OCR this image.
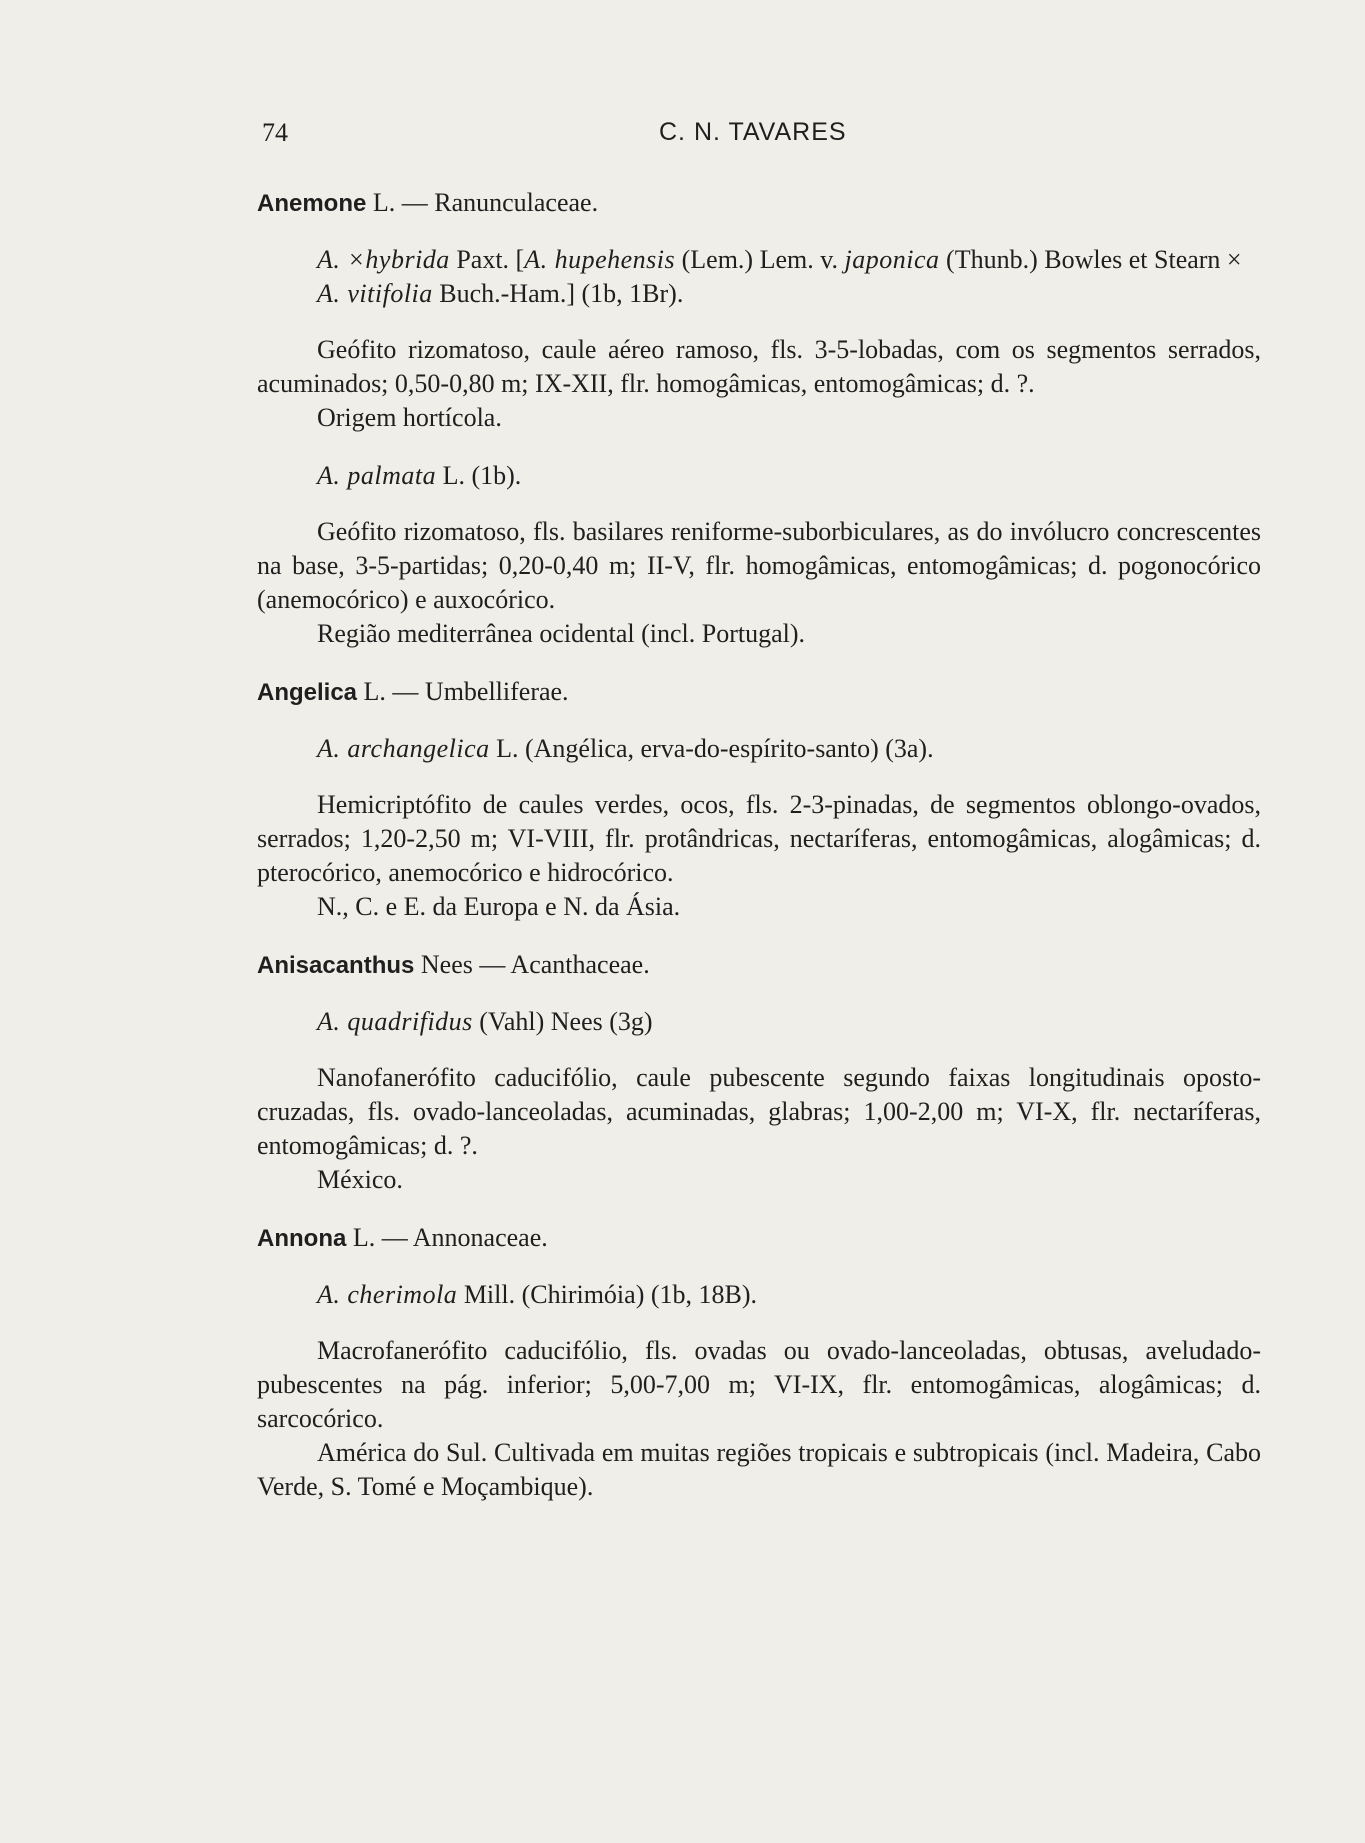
74	C. N. TAVARES
Anemone L. — Ranunculaceae.
A. ×hybrida Paxt. [A. hupehensis (Lem.) Lem. v. japonica (Thunb.) Bowles et Stearn × A. vitifolia Buch.-Ham.] (1b, 1Br).

Geófito rizomatoso, caule aéreo ramoso, fls. 3-5-lobadas, com os segmentos serrados, acuminados; 0,50-0,80 m; IX-XII, flr. homogâmicas, entomogâmicas; d. ?.

Origem hortícola.

A. palmata L. (1b).

Geófito rizomatoso, fls. basilares reniforme-suborbiculares, as do invólucro concrescentes na base, 3-5-partidas; 0,20-0,40 m; II-V, flr. homogâmicas, entomogâmicas; d. pogonocórico (anemocórico) e auxocórico.

Região mediterrânea ocidental (incl. Portugal).

Angelica L. — Umbelliferae.
A. archangelica L. (Angélica, erva-do-espírito-santo) (3a).

Hemicriptófito de caules verdes, ocos, fls. 2-3-pinadas, de segmentos oblongo-ovados, serrados; 1,20-2,50 m; VI-VIII, flr. protândricas, nectaríferas, entomogâmicas, alogâmicas; d. pterocórico, anemocórico e hidrocórico.

N., C. e E. da Europa e N. da Ásia.

Anisacanthus Nees — Acanthaceae.
A. quadrifidus (Vahl) Nees (3g)

Nanofanerófito caducifólio, caule pubescente segundo faixas longitudinais oposto-cruzadas, fls. ovado-lanceoladas, acuminadas, glabras; 1,00-2,00 m; VI-X, flr. nectaríferas, entomogâmicas; d. ?.

México.

Annona L. — Annonaceae.
A. cherimola Mill. (Chirimóia) (1b, 18B).

Macrofanerófito caducifólio, fls. ovadas ou ovado-lanceoladas, obtusas, aveludado-pubescentes na pág. inferior; 5,00-7,00 m; VI-IX, flr. entomogâmicas, alogâmicas; d. sarcocórico.

América do Sul. Cultivada em muitas regiões tropicais e subtropicais (incl. Madeira, Cabo Verde, S. Tomé e Moçambique).
